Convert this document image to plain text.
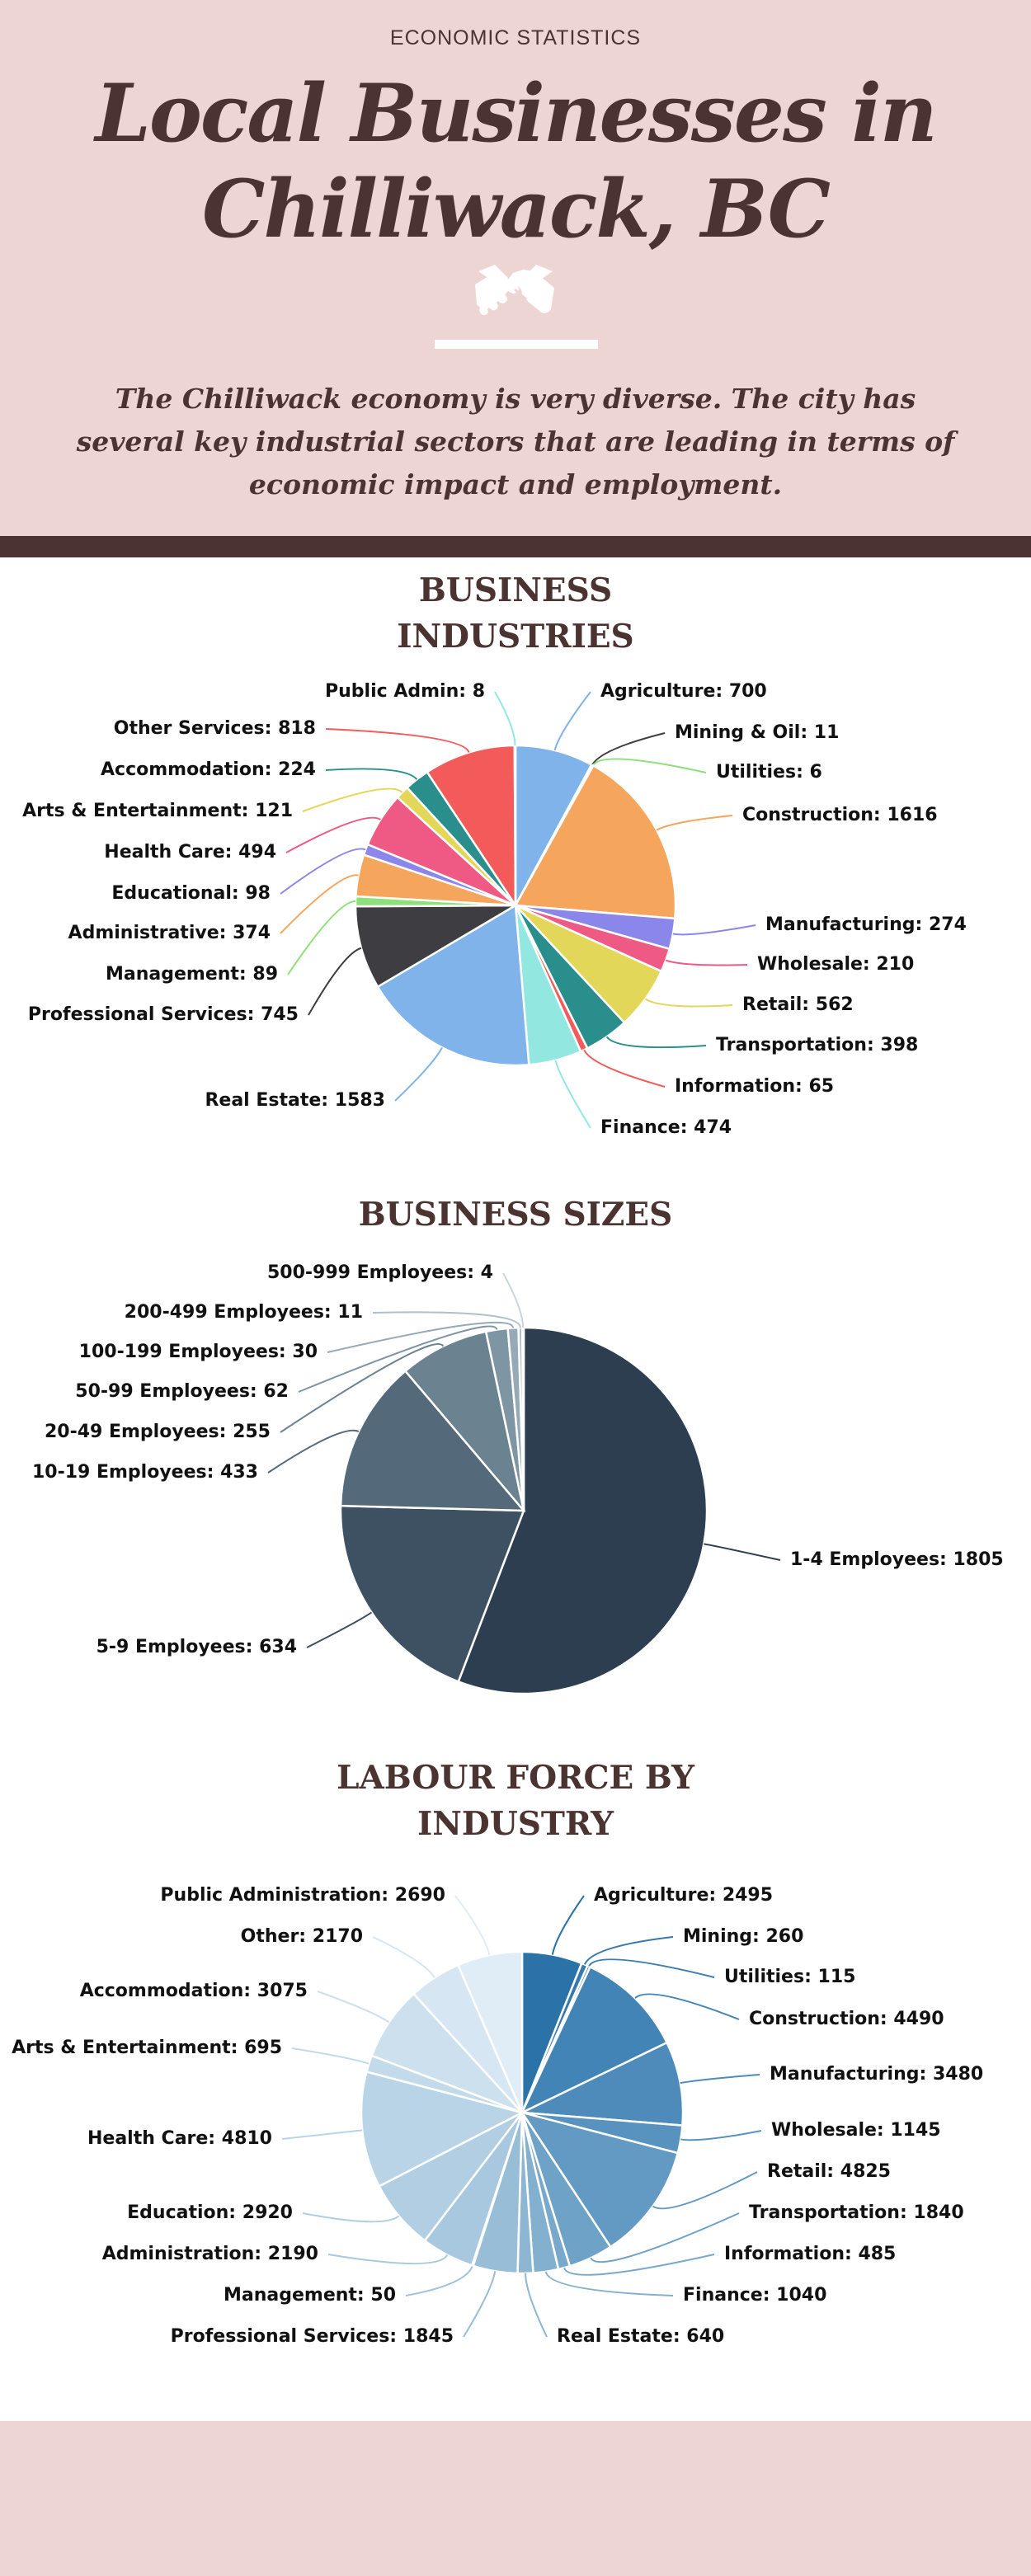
ECONOMIC STATISTICS
Local Businesses in
Chilliwack, BC
The Chilliwack economy is very diverse. The city has several key industrial sectors that are leading in terms of economic impact and employment.
BUSINESS
INDUSTRIES
Agriculture: 700
Mining & Oil: 11
Utilities: 6
Construction: 1616
Manufacturing: 274
Wholesale: 210
Retail: 562
Transportation: 398
Information: 65
Finance: 474
Real Estate: 1583
Professional Services: 745
Management: 89
Administrative: 374
Educational: 98
Health Care: 494
Arts & Entertainment: 121
Accommodation: 224
Other Services: 818
Public Admin: 8
BUSINESS SIZES
1-4 Employees: 1805
5-9 Employees: 634
10-19 Employees: 433
20-49 Employees: 255
50-99 Employees: 62
100-199 Employees: 30
200-499 Employees: 11
500-999 Employees: 4
LABOUR FORCE BY
INDUSTRY
Agriculture: 2495
Mining: 260
Utilities: 115
Construction: 4490
Manufacturing: 3480
Wholesale: 1145
Retail: 4825
Transportation: 1840
Information: 485
Finance: 1040
Real Estate: 640
Professional Services: 1845
Management: 50
Administration: 2190
Education: 2920
Health Care: 4810
Arts & Entertainment: 695
Accommodation: 3075
Other: 2170
Public Administration: 2690
